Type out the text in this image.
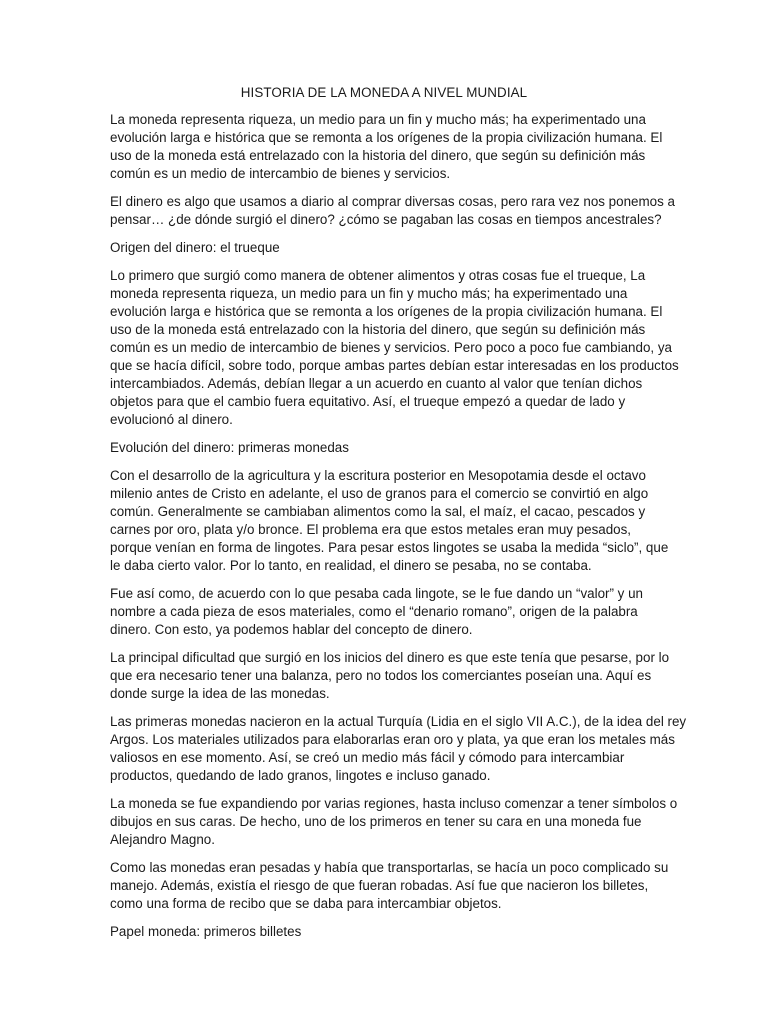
HISTORIA DE LA MONEDA A NIVEL MUNDIAL
La moneda representa riqueza, un medio para un fin y mucho más; ha experimentado una
evolución larga e histórica que se remonta a los orígenes de la propia civilización humana. El
uso de la moneda está entrelazado con la historia del dinero, que según su definición más
común es un medio de intercambio de bienes y servicios.
El dinero es algo que usamos a diario al comprar diversas cosas, pero rara vez nos ponemos a
pensar… ¿de dónde surgió el dinero? ¿cómo se pagaban las cosas en tiempos ancestrales?
Origen del dinero: el trueque
Lo primero que surgió como manera de obtener alimentos y otras cosas fue el trueque, La
moneda representa riqueza, un medio para un fin y mucho más; ha experimentado una
evolución larga e histórica que se remonta a los orígenes de la propia civilización humana. El
uso de la moneda está entrelazado con la historia del dinero, que según su definición más
común es un medio de intercambio de bienes y servicios. Pero poco a poco fue cambiando, ya
que se hacía difícil, sobre todo, porque ambas partes debían estar interesadas en los productos
intercambiados. Además, debían llegar a un acuerdo en cuanto al valor que tenían dichos
objetos para que el cambio fuera equitativo. Así, el trueque empezó a quedar de lado y
evolucionó al dinero.
Evolución del dinero: primeras monedas
Con el desarrollo de la agricultura y la escritura posterior en Mesopotamia desde el octavo
milenio antes de Cristo en adelante, el uso de granos para el comercio se convirtió en algo
común. Generalmente se cambiaban alimentos como la sal, el maíz, el cacao, pescados y
carnes por oro, plata y/o bronce. El problema era que estos metales eran muy pesados,
porque venían en forma de lingotes. Para pesar estos lingotes se usaba la medida “siclo”, que
le daba cierto valor. Por lo tanto, en realidad, el dinero se pesaba, no se contaba.
Fue así como, de acuerdo con lo que pesaba cada lingote, se le fue dando un “valor” y un
nombre a cada pieza de esos materiales, como el “denario romano”, origen de la palabra
dinero. Con esto, ya podemos hablar del concepto de dinero.
La principal dificultad que surgió en los inicios del dinero es que este tenía que pesarse, por lo
que era necesario tener una balanza, pero no todos los comerciantes poseían una. Aquí es
donde surge la idea de las monedas.
Las primeras monedas nacieron en la actual Turquía (Lidia en el siglo VII A.C.), de la idea del rey
Argos. Los materiales utilizados para elaborarlas eran oro y plata, ya que eran los metales más
valiosos en ese momento. Así, se creó un medio más fácil y cómodo para intercambiar
productos, quedando de lado granos, lingotes e incluso ganado.
La moneda se fue expandiendo por varias regiones, hasta incluso comenzar a tener símbolos o
dibujos en sus caras. De hecho, uno de los primeros en tener su cara en una moneda fue
Alejandro Magno.
Como las monedas eran pesadas y había que transportarlas, se hacía un poco complicado su
manejo. Además, existía el riesgo de que fueran robadas. Así fue que nacieron los billetes,
como una forma de recibo que se daba para intercambiar objetos.
Papel moneda: primeros billetes
